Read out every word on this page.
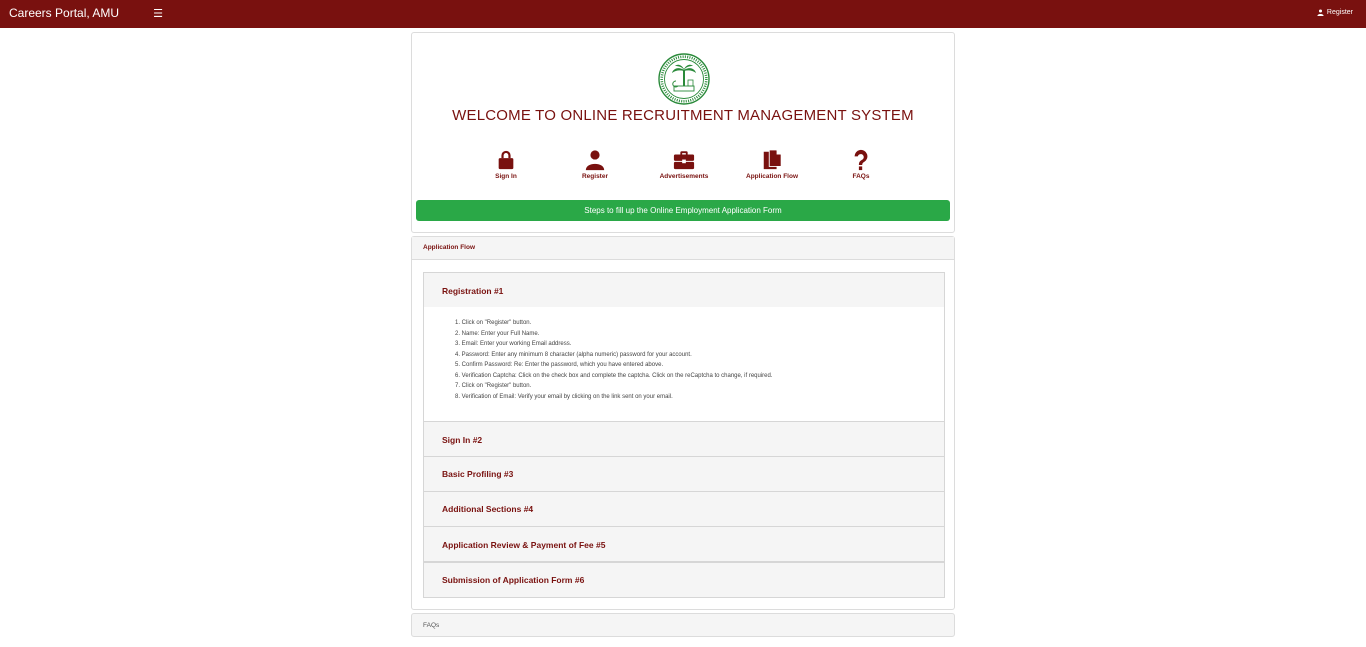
Careers Portal, AMU	☰	Register
WELCOME TO ONLINE RECRUITMENT MANAGEMENT SYSTEM
Sign In	Register	Advertisements	Application Flow	FAQs
Steps to fill up the Online Employment Application Form
Application Flow
Registration #1
1. Click on "Register" button.
2. Name: Enter your Full Name.
3. Email: Enter your working Email address.
4. Password: Enter any minimum 8 character (alpha numeric) password for your account.
5. Confirm Password: Re: Enter the password, which you have entered above.
6. Verification Captcha: Click on the check box and complete the captcha. Click on the reCaptcha to change, if required.
7. Click on "Register" button.
8. Verification of Email: Verify your email by clicking on the link sent on your email.
Sign In #2
Basic Profiling #3
Additional Sections #4
Application Review & Payment of Fee #5
Submission of Application Form #6
FAQs
